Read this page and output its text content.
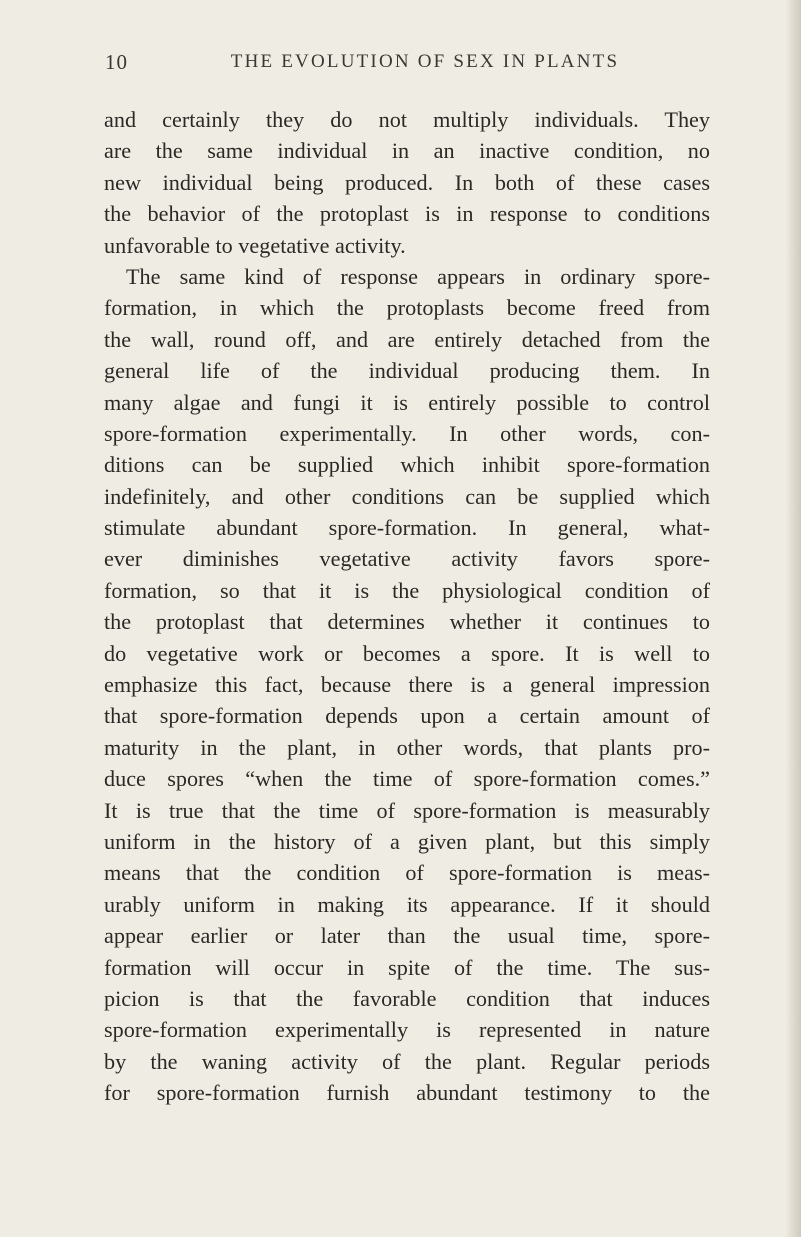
10	THE EVOLUTION OF SEX IN PLANTS
and certainly they do not multiply individuals. They
are the same individual in an inactive condition, no
new individual being produced. In both of these cases
the behavior of the protoplast is in response to conditions
unfavorable to vegetative activity.
The same kind of response appears in ordinary spore-
formation, in which the protoplasts become freed from
the wall, round off, and are entirely detached from the
general life of the individual producing them. In
many algae and fungi it is entirely possible to control
spore-formation experimentally. In other words, con-
ditions can be supplied which inhibit spore-formation
indefinitely, and other conditions can be supplied which
stimulate abundant spore-formation. In general, what-
ever diminishes vegetative activity favors spore-
formation, so that it is the physiological condition of
the protoplast that determines whether it continues to
do vegetative work or becomes a spore. It is well to
emphasize this fact, because there is a general impression
that spore-formation depends upon a certain amount of
maturity in the plant, in other words, that plants pro-
duce spores “when the time of spore-formation comes.”
It is true that the time of spore-formation is measurably
uniform in the history of a given plant, but this simply
means that the condition of spore-formation is meas-
urably uniform in making its appearance. If it should
appear earlier or later than the usual time, spore-
formation will occur in spite of the time. The sus-
picion is that the favorable condition that induces
spore-formation experimentally is represented in nature
by the waning activity of the plant. Regular periods
for spore-formation furnish abundant testimony to the
